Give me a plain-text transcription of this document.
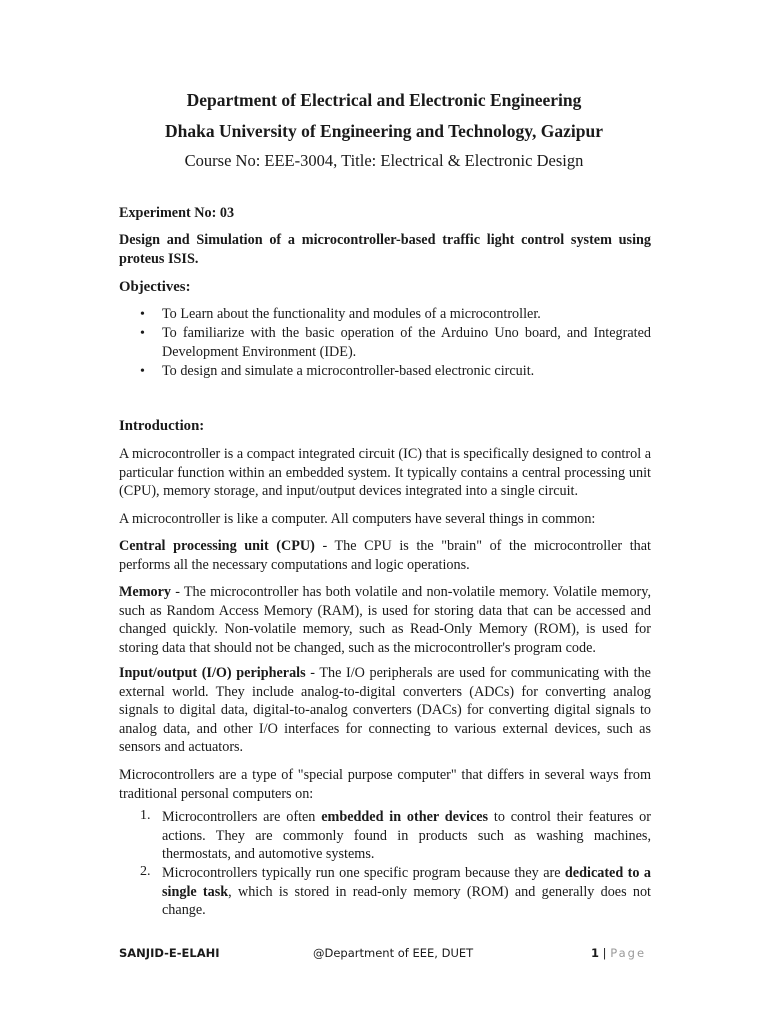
Department of Electrical and Electronic Engineering
Dhaka University of Engineering and Technology, Gazipur
Course No: EEE-3004, Title: Electrical & Electronic Design
Experiment No: 03
Design and Simulation of a microcontroller-based traffic light control system using proteus ISIS.
Objectives:
• To Learn about the functionality and modules of a microcontroller.
• To familiarize with the basic operation of the Arduino Uno board, and Integrated Development Environment (IDE).
• To design and simulate a microcontroller-based electronic circuit.
Introduction:
A microcontroller is a compact integrated circuit (IC) that is specifically designed to control a particular function within an embedded system. It typically contains a central processing unit (CPU), memory storage, and input/output devices integrated into a single circuit.
A microcontroller is like a computer. All computers have several things in common:
Central processing unit (CPU) - The CPU is the "brain" of the microcontroller that performs all the necessary computations and logic operations.
Memory - The microcontroller has both volatile and non-volatile memory. Volatile memory, such as Random Access Memory (RAM), is used for storing data that can be accessed and changed quickly. Non-volatile memory, such as Read-Only Memory (ROM), is used for storing data that should not be changed, such as the microcontroller's program code.
Input/output (I/O) peripherals - The I/O peripherals are used for communicating with the external world. They include analog-to-digital converters (ADCs) for converting analog signals to digital data, digital-to-analog converters (DACs) for converting digital signals to analog data, and other I/O interfaces for connecting to various external devices, such as sensors and actuators.
Microcontrollers are a type of "special purpose computer" that differs in several ways from traditional personal computers on:
1. Microcontrollers are often embedded in other devices to control their features or actions. They are commonly found in products such as washing machines, thermostats, and automotive systems.
2. Microcontrollers typically run one specific program because they are dedicated to a single task, which is stored in read-only memory (ROM) and generally does not change.
SANJID-E-ELAHI	@Department of EEE, DUET	1 | Page
